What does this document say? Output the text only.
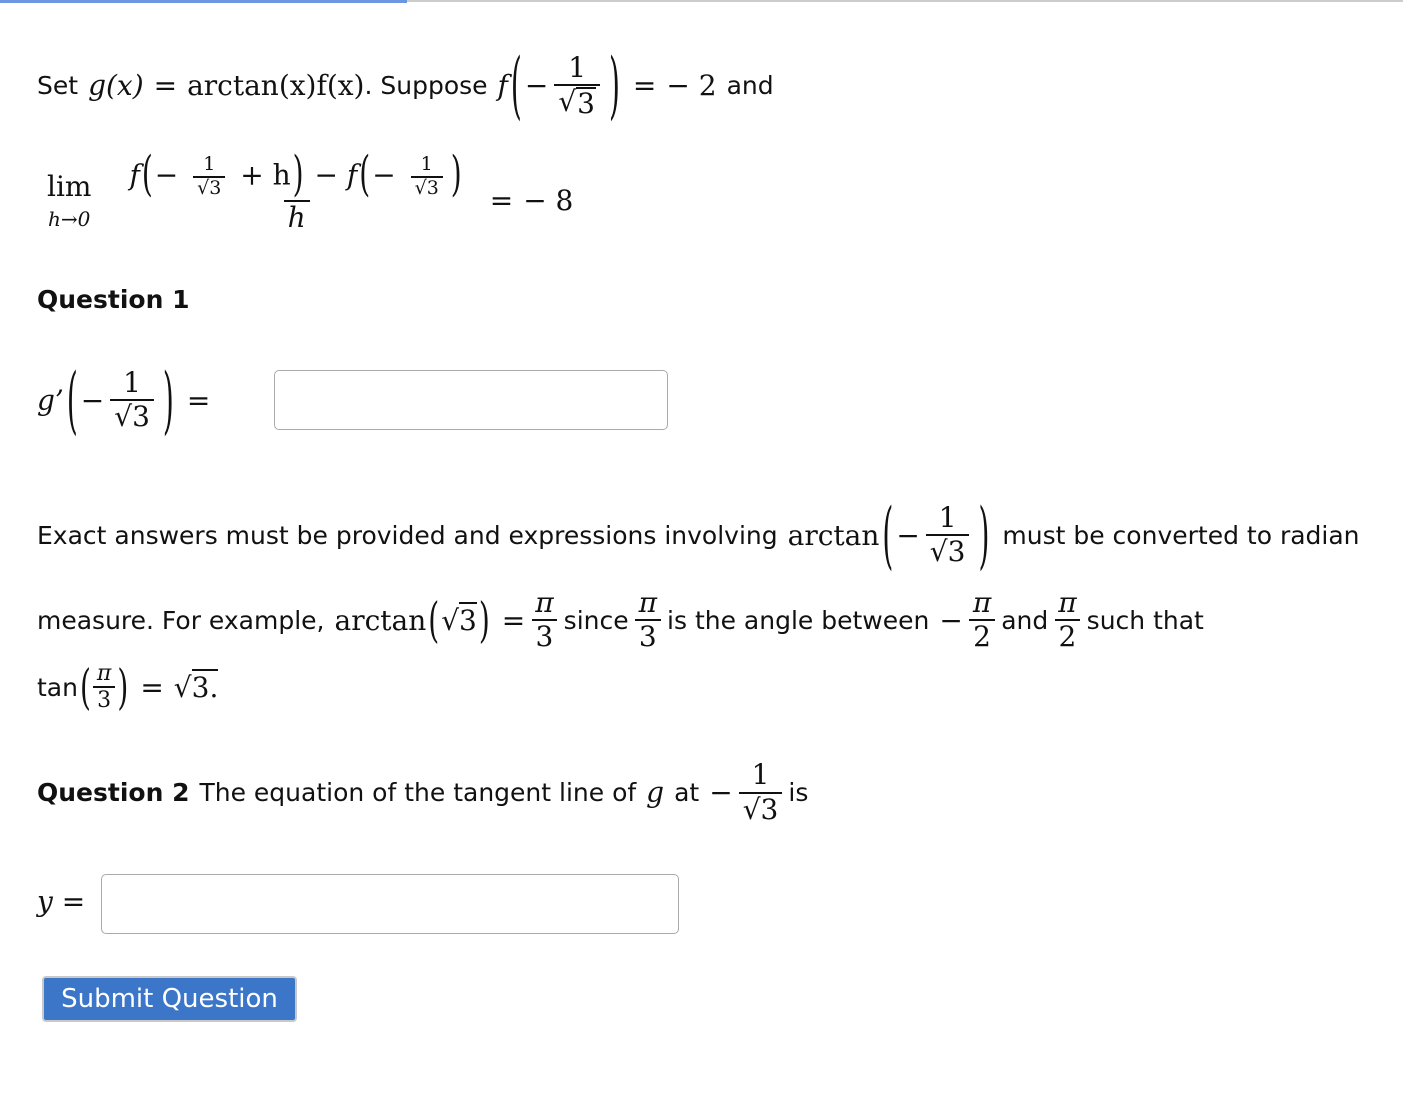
Set g(x) = arctan(x)f(x) . Suppose f ( − $\frac{1}{√ 3}$ ) = − 2 and
lim
$h\to 0 \frac{f(- \frac{1}{√3} + h) - f(- \frac{1}{√3} )}{h}$ = − 8
Question 1
g’ ( − $\frac{1}{√3}$ ) =
Exact answers must be provided and expressions involving arctan ( − $\frac{1}{√3}$ ) must be converted to radian
measure. For example, arctan ( √3 ) = $\frac{\pi}{3}$ since $\frac{\pi}{3}$ is the angle between − $\frac{\pi}{2}$ and $\frac{\pi}{2}$ such that
tan ( $\frac{\pi}{3}$ ) = √3.
Question 2 The equation of the tangent line of g at − $\frac{1}{√3}$ is
y =
Submit Question
